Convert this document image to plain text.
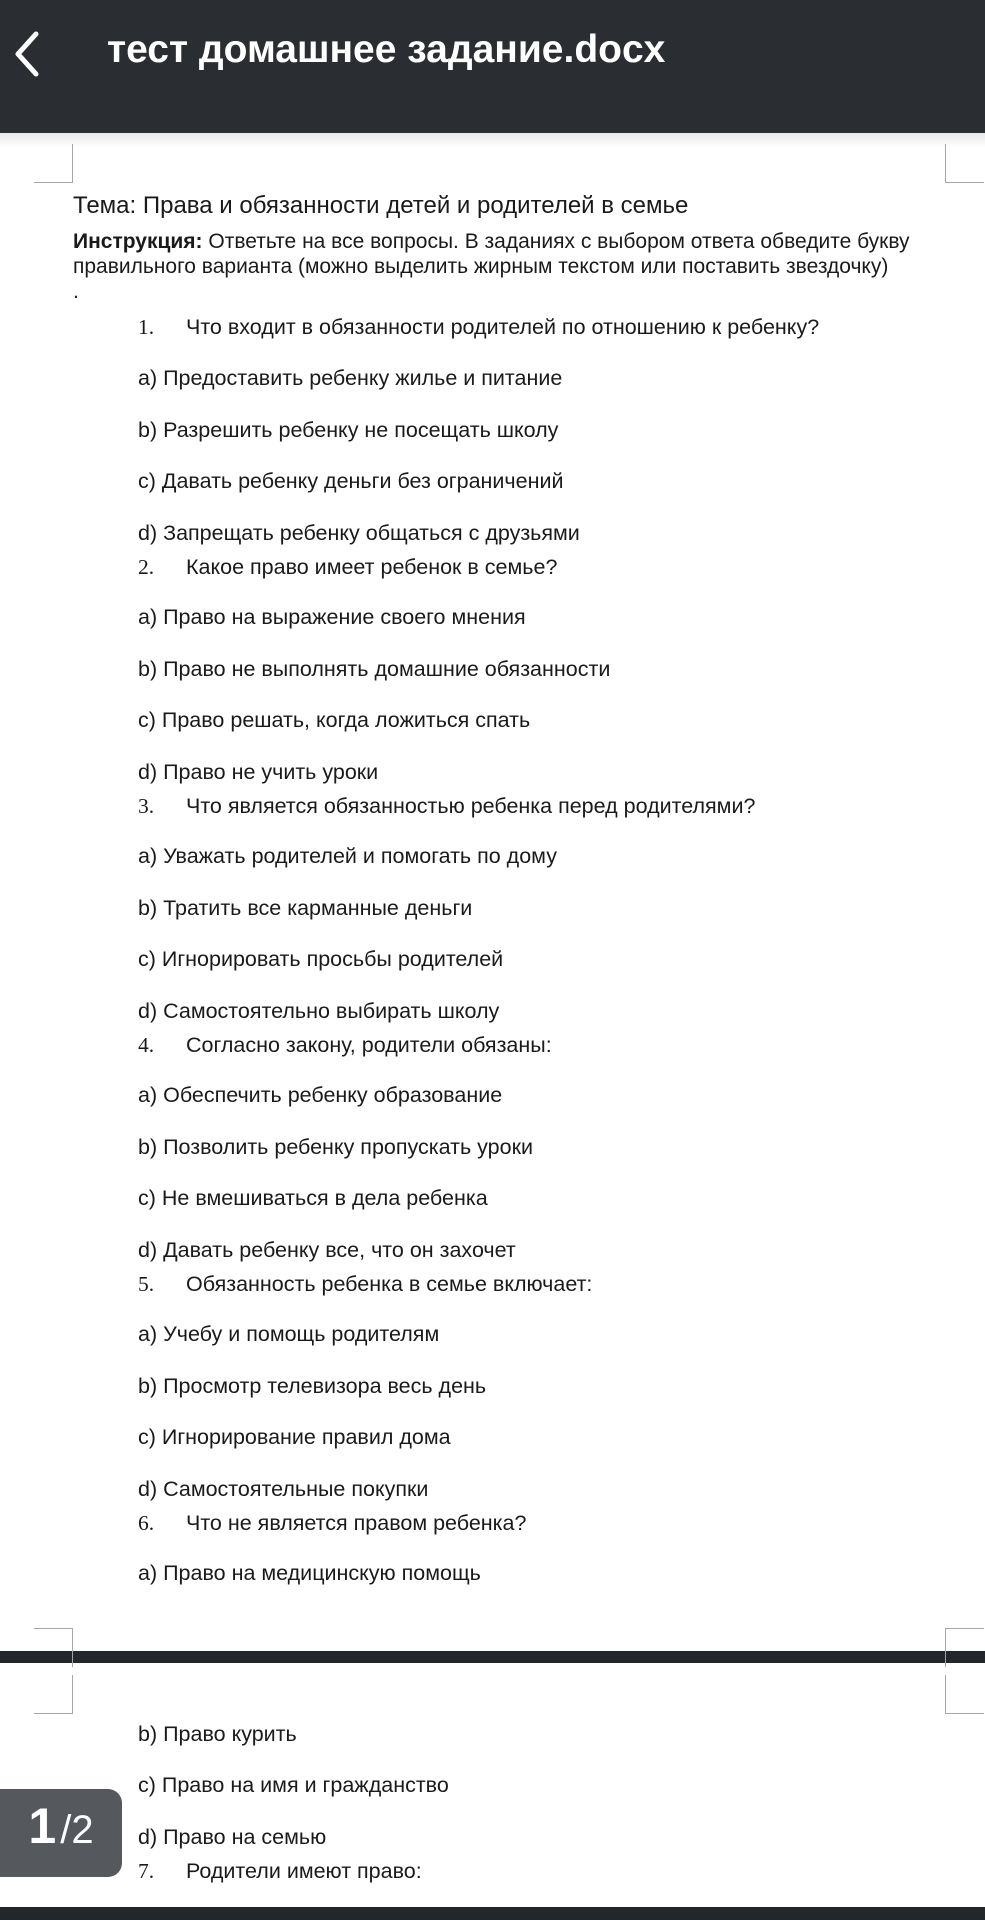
тест домашнее задание.docx
Тема: Права и обязанности детей и родителей в семье
Инструкция: Ответьте на все вопросы. В заданиях с выбором ответа обведите букву правильного варианта (можно выделить жирным текстом или поставить звездочку)
.
1. Что входит в обязанности родителей по отношению к ребенку?
a) Предоставить ребенку жилье и питание
b) Разрешить ребенку не посещать школу
c) Давать ребенку деньги без ограничений
d) Запрещать ребенку общаться с друзьями
2. Какое право имеет ребенок в семье?
a) Право на выражение своего мнения
b) Право не выполнять домашние обязанности
c) Право решать, когда ложиться спать
d) Право не учить уроки
3. Что является обязанностью ребенка перед родителями?
a) Уважать родителей и помогать по дому
b) Тратить все карманные деньги
c) Игнорировать просьбы родителей
d) Самостоятельно выбирать школу
4. Согласно закону, родители обязаны:
a) Обеспечить ребенку образование
b) Позволить ребенку пропускать уроки
c) Не вмешиваться в дела ребенка
d) Давать ребенку все, что он захочет
5. Обязанность ребенка в семье включает:
a) Учебу и помощь родителям
b) Просмотр телевизора весь день
c) Игнорирование правил дома
d) Самостоятельные покупки
6. Что не является правом ребенка?
a) Право на медицинскую помощь
b) Право курить
c) Право на имя и гражданство
d) Право на семью
7. Родители имеют право:
1 / 2
